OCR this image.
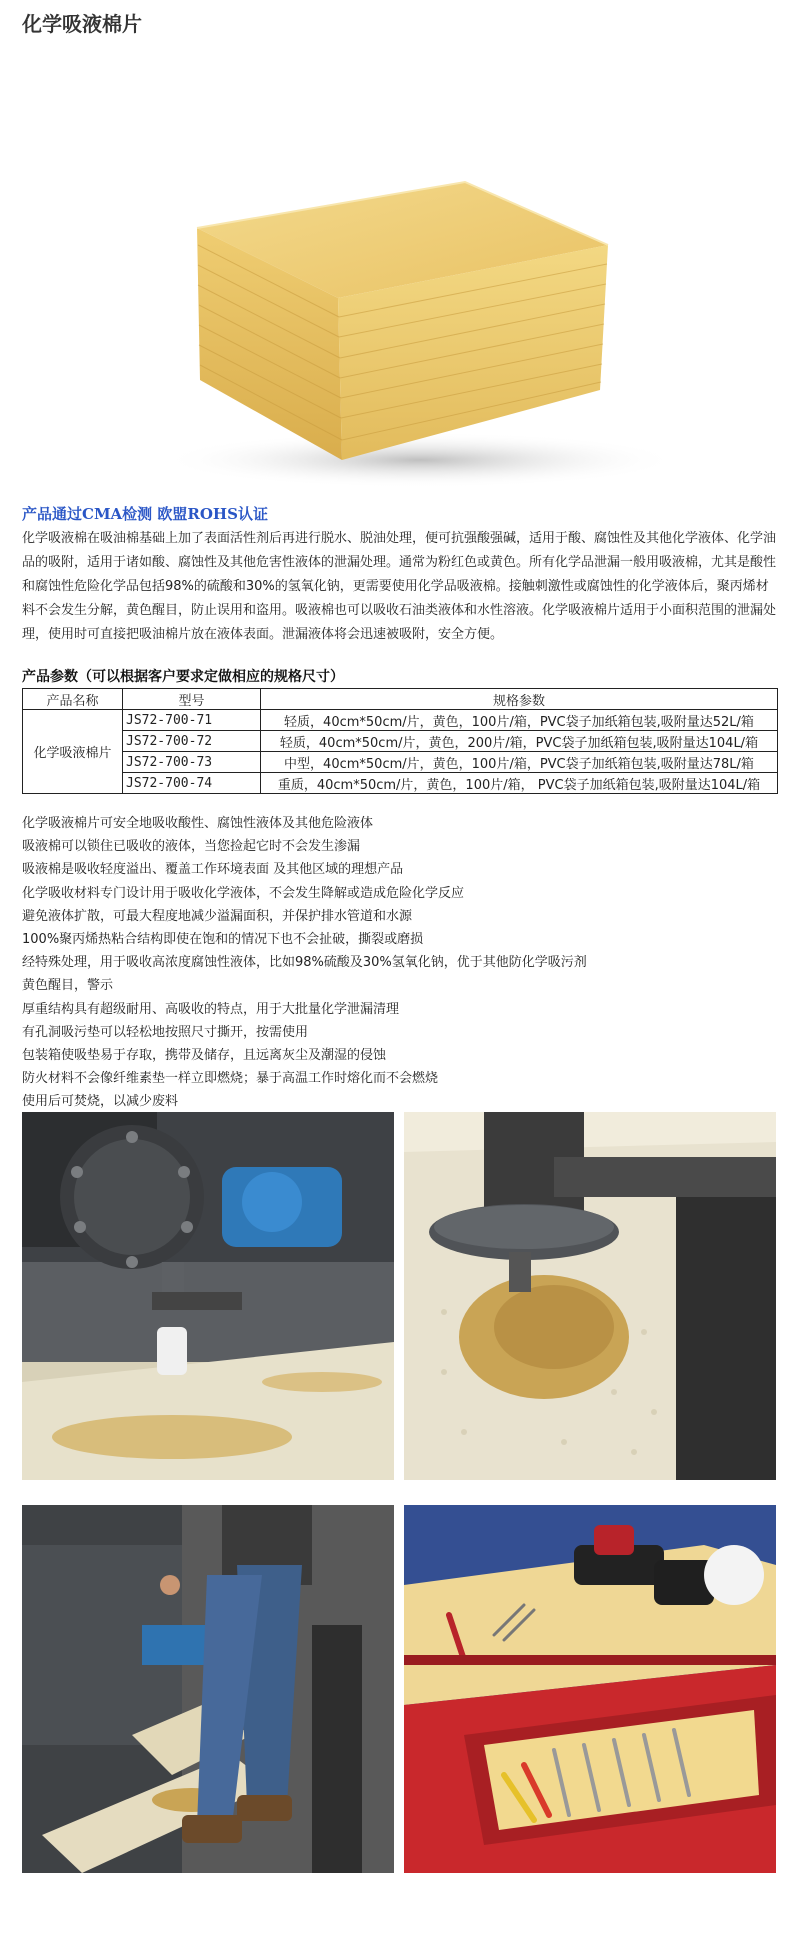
化学吸液棉片

产品通过CMA检测 欧盟ROHS认证

化学吸液棉在吸油棉基础上加了表面活性剂后再进行脱水、脱油处理，便可抗强酸强碱，适用于酸、腐蚀性及其他化学液体、化学油品的吸附，适用于诸如酸、腐蚀性及其他危害性液体的泄漏处理。通常为粉红色或黄色。所有化学品泄漏一般用吸液棉，尤其是酸性和腐蚀性危险化学品包括98%的硫酸和30%的氢氧化钠，更需要使用化学品吸液棉。接触刺激性或腐蚀性的化学液体后，聚丙烯材料不会发生分解，黄色醒目，防止误用和盗用。吸液棉也可以吸收石油类液体和水性溶液。化学吸液棉片适用于小面积范围的泄漏处理，使用时可直接把吸油棉片放在液体表面。泄漏液体将会迅速被吸附，安全方便。

产品参数（可以根据客户要求定做相应的规格尺寸）

产品名称	型号	规格参数
化学吸液棉片	JS72-700-71	轻质，40cm*50cm/片，黄色，100片/箱，PVC袋子加纸箱包装,吸附量达52L/箱
	JS72-700-72	轻质，40cm*50cm/片，黄色，200片/箱，PVC袋子加纸箱包装,吸附量达104L/箱
	JS72-700-73	中型，40cm*50cm/片，黄色，100片/箱，PVC袋子加纸箱包装,吸附量达78L/箱
	JS72-700-74	重质，40cm*50cm/片，黄色，100片/箱， PVC袋子加纸箱包装,吸附量达104L/箱
化学吸液棉片可安全地吸收酸性、腐蚀性液体及其他危险液体
吸液棉可以锁住已吸收的液体，当您捡起它时不会发生渗漏
吸液棉是吸收轻度溢出、覆盖工作环境表面 及其他区域的理想产品
化学吸收材料专门设计用于吸收化学液体，不会发生降解或造成危险化学反应
避免液体扩散，可最大程度地减少溢漏面积，并保护排水管道和水源
100%聚丙烯热粘合结构即使在饱和的情况下也不会扯破，撕裂或磨损
经特殊处理，用于吸收高浓度腐蚀性液体，比如98%硫酸及30%氢氧化钠，优于其他防化学吸污剂
黄色醒目，警示
厚重结构具有超级耐用、高吸收的特点，用于大批量化学泄漏清理
有孔洞吸污垫可以轻松地按照尺寸撕开，按需使用
包装箱使吸垫易于存取，携带及储存，且远离灰尘及潮湿的侵蚀
防火材料不会像纤维素垫一样立即燃烧；暴于高温工作时熔化而不会燃烧
使用后可焚烧，以减少废料
